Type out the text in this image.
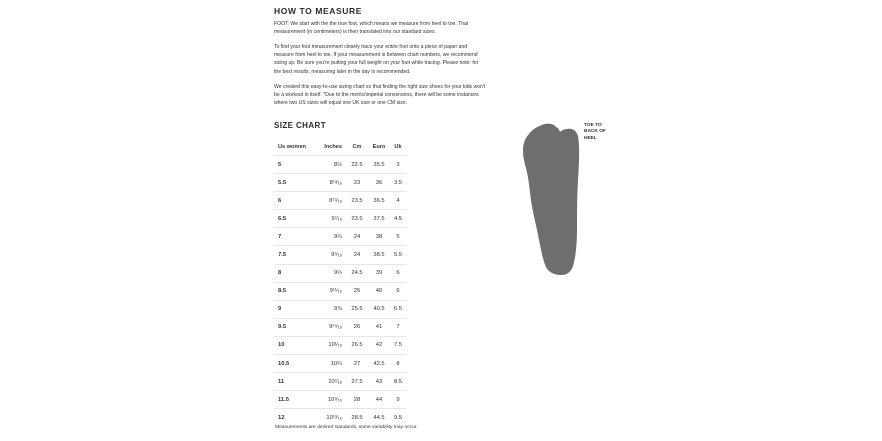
HOW TO MEASURE

FOOT: We start with the the true foot, which means we measure from heel to toe. That measurement (in centimeters) is then translated into our standard sizes.

To find your foot measurement closely trace your entire foot onto a piece of paper and measure from heel to toe. If your measurement is between chart numbers, we recommend sizing up. Be sure you're putting your full weight on your foot while tracing. Please note: for the best results, measuring later in the day is recommended.

We created this easy-to-use sizing chart so that finding the right size shoes for your kids won't be a workout in itself. *Due to the metric/imperial conversions, there will be some instances where two US sizes will equal one UK size or one CM size.

SIZE CHART
Us women	Inches	Cm	Euro	Uk
5	8½	22.5	35.5	3
5.5	8¹³⁄₁₆	23	36	3.5
6	8¹⁵⁄₁₆	23.5	36.5	4
6.5	9⁷⁄₁₆	23.5	37.5	4.5
7	9¼	24	38	5
7.5	9⁵⁄₁₆	24	38.5	5.5
8	9½	24.5	39	6
8.5	9¹¹⁄₁₆	25	40	6
9	9⅞	25.5	40.5	6.5
9.5	9¹⁵⁄₁₆	26	41	7
10	10¹⁄₁₆	26.5	42	7.5
10.5	10¼	27	42.5	8
11	10⁷⁄₁₆	27.5	43	8.5
11.5	10⁹⁄₁₆	28	44	9
12	10¹³⁄₁₆	28.5	44.5	9.5
TOE TO
BACK OF
HEEL
Measurements are desired standards, some variability may occur.
